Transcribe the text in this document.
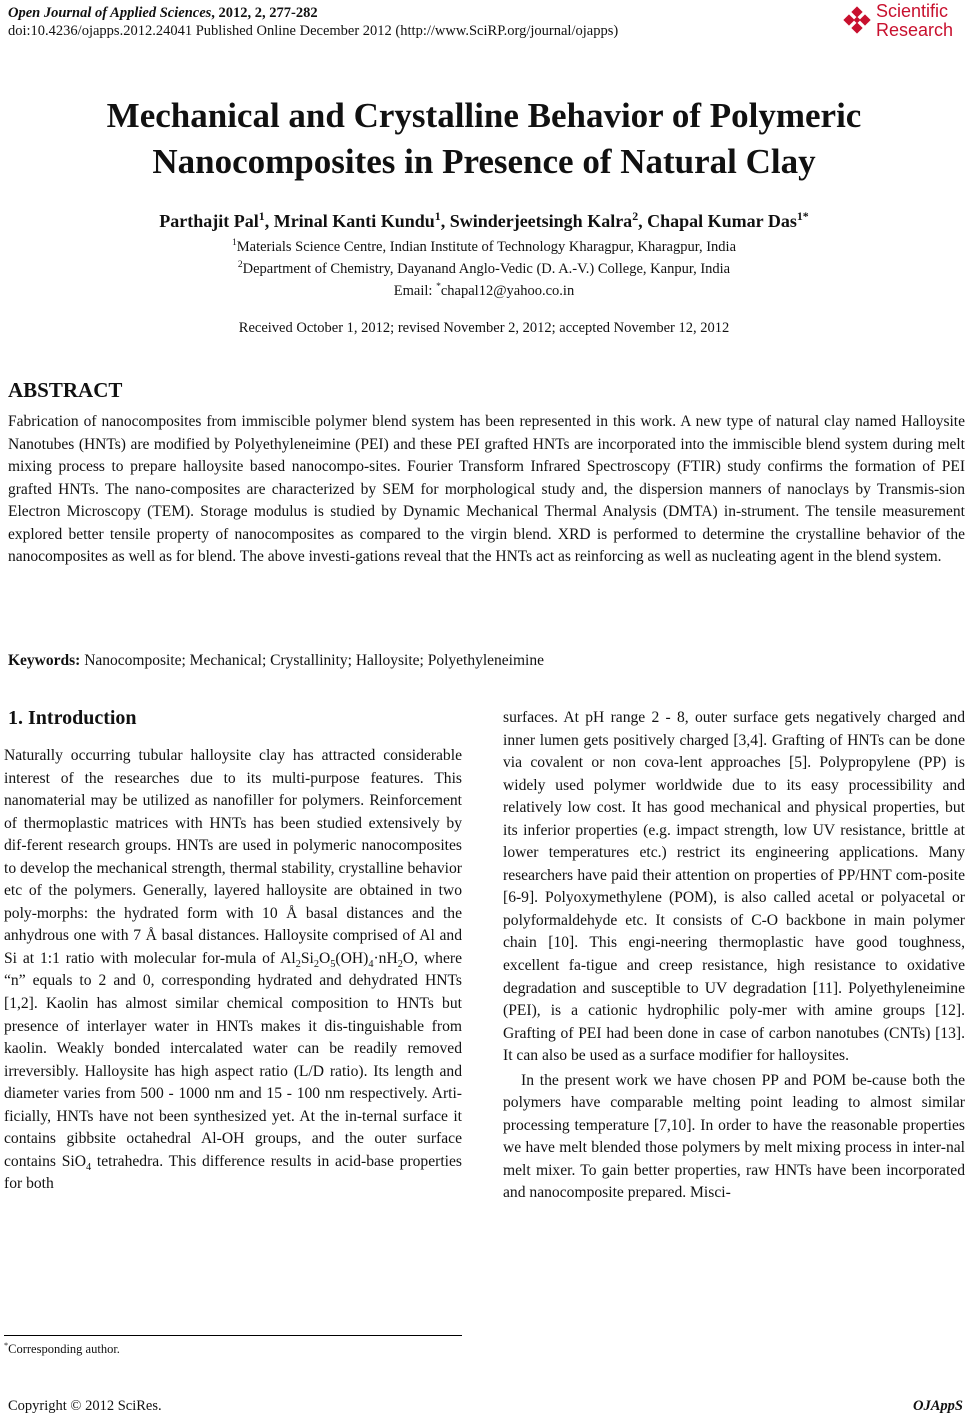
Open Journal of Applied Sciences, 2012, 2, 277-282
doi:10.4236/ojapps.2012.24041 Published Online December 2012 (http://www.SciRP.org/journal/ojapps)
Scientific
Research
Mechanical and Crystalline Behavior of Polymeric
Nanocomposites in Presence of Natural Clay
Parthajit Pal$^1$, Mrinal Kanti Kundu$^1$, Swinderjeetsingh Kalra$^2$, Chapal Kumar Das$^{1*}$
$^1$Materials Science Centre, Indian Institute of Technology Kharagpur, Kharagpur, India
$^2$Department of Chemistry, Dayanand Anglo-Vedic (D. A.-V.) College, Kanpur, India
Email: *chapal12@yahoo.co.in
Received October 1, 2012; revised November 2, 2012; accepted November 12, 2012
ABSTRACT
Fabrication of nanocomposites from immiscible polymer blend system has been represented in this work. A new type of natural clay named Halloysite Nanotubes (HNTs) are modified by Polyethyleneimine (PEI) and these PEI grafted HNTs are incorporated into the immiscible blend system during melt mixing process to prepare halloysite based nanocompo-sites. Fourier Transform Infrared Spectroscopy (FTIR) study confirms the formation of PEI grafted HNTs. The nano-composites are characterized by SEM for morphological study and, the dispersion manners of nanoclays by Transmis-sion Electron Microscopy (TEM). Storage modulus is studied by Dynamic Mechanical Thermal Analysis (DMTA) in-strument. The tensile measurement explored better tensile property of nanocomposites as compared to the virgin blend. XRD is performed to determine the crystalline behavior of the nanocomposites as well as for blend. The above investi-gations reveal that the HNTs act as reinforcing as well as nucleating agent in the blend system.
Keywords: Nanocomposite; Mechanical; Crystallinity; Halloysite; Polyethyleneimine
1. Introduction

Naturally occurring tubular halloysite clay has attracted considerable interest of the researches due to its multi-purpose features. This nanomaterial may be utilized as nanofiller for polymers. Reinforcement of thermoplastic matrices with HNTs has been studied extensively by dif-ferent research groups. HNTs are used in polymeric nanocomposites to develop the mechanical strength, thermal stability, crystalline behavior etc of the polymers. Generally, layered halloysite are obtained in two poly-morphs: the hydrated form with 10 Å basal distances and the anhydrous one with 7 Å basal distances. Halloysite comprised of Al and Si at 1:1 ratio with molecular for-mula of $Al_2Si_2O_5(OH)_4\cdot nH_2O$, where “n” equals to 2 and 0, corresponding hydrated and dehydrated HNTs [1,2]. Kaolin has almost similar chemical composition to HNTs but presence of interlayer water in HNTs makes it dis-tinguishable from kaolin. Weakly bonded intercalated water can be readily removed irreversibly. Halloysite has high aspect ratio (L/D ratio). Its length and diameter varies from 500 - 1000 nm and 15 - 100 nm respectively. Arti-ficially, HNTs have not been synthesized yet. At the in-ternal surface it contains gibbsite octahedral Al-OH groups, and the outer surface contains SiO$_4$ tetrahedra. This difference results in acid-base properties for both

surfaces. At pH range 2 - 8, outer surface gets negatively charged and inner lumen gets positively charged [3,4]. Grafting of HNTs can be done via covalent or non cova-lent approaches [5]. Polypropylene (PP) is widely used polymer worldwide due to its easy processibility and relatively low cost. It has good mechanical and physical properties, but its inferior properties (e.g. impact strength, low UV resistance, brittle at lower temperatures etc.) restrict its engineering applications. Many researchers have paid their attention on properties of PP/HNT com-posite [6-9]. Polyoxymethylene (POM), is also called acetal or polyacetal or polyformaldehyde etc. It consists of C-O backbone in main polymer chain [10]. This engi-neering thermoplastic have good toughness, excellent fa-tigue and creep resistance, high resistance to oxidative degradation and susceptible to UV degradation [11]. Polyethyleneimine (PEI), is a cationic hydrophilic poly-mer with amine groups [12]. Grafting of PEI had been done in case of carbon nanotubes (CNTs) [13]. It can also be used as a surface modifier for halloysites.

In the present work we have chosen PP and POM be-cause both the polymers have comparable melting point leading to almost similar processing temperature [7,10]. In order to have the reasonable properties we have melt blended those polymers by melt mixing process in inter-nal melt mixer. To gain better properties, raw HNTs have been incorporated and nanocomposite prepared. Misci-

*Corresponding author.
Copyright © 2012 SciRes.	OJAppS
